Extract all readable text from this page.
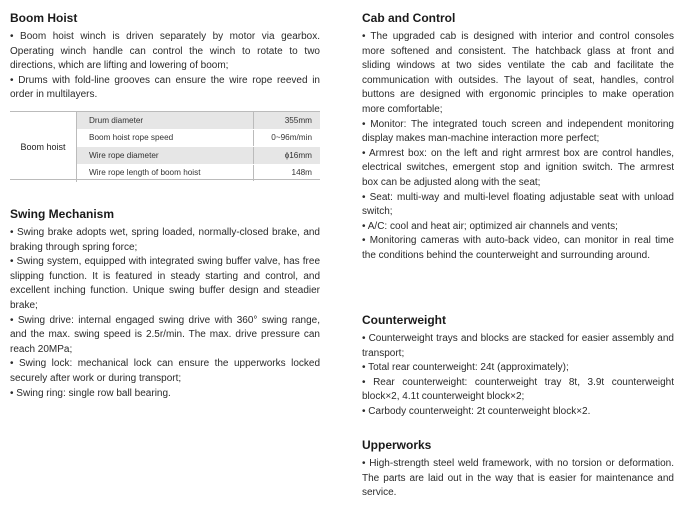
Boom Hoist
• Boom hoist winch is driven separately by motor via gearbox. Operating winch handle can control the winch to rotate to two directions, which are lifting and lowering of boom;
• Drums with fold-line grooves can ensure the wire rope reeved in order in multilayers.
Boom hoist	Drum diameter	355mm
	Boom hoist rope speed	0~96m/min
	Wire rope diameter	ɸ16mm
	Wire rope length of boom hoist	148m
Swing Mechanism
• Swing brake adopts wet, spring loaded, normally-closed brake, and braking through spring force;
• Swing system, equipped with integrated swing buffer valve, has free slipping function. It is featured in steady starting and control, and excellent inching function. Unique swing buffer design and steadier brake;
• Swing drive: internal engaged swing drive with 360° swing range, and the max. swing speed is 2.5r/min. The max. drive pressure can reach 20MPa;
• Swing lock: mechanical lock can ensure the upperworks locked securely after work or during transport;
• Swing ring: single row ball bearing.
Cab and Control
• The upgraded cab is designed with interior and control consoles more softened and consistent. The hatchback glass at front and sliding windows at two sides ventilate the cab and facilitate the communication with outsides. The layout of seat, handles, control buttons are designed with ergonomic principles to make operation more comfortable;
• Monitor: The integrated touch screen and independent monitoring display makes man-machine interaction more perfect;
• Armrest box: on the left and right armrest box are control handles, electrical switches, emergent stop and ignition switch. The armrest box can be adjusted along with the seat;
• Seat: multi-way and multi-level floating adjustable seat with unload switch;
• A/C: cool and heat air; optimized air channels and vents;
• Monitoring cameras with auto-back video, can monitor in real time the conditions behind the counterweight and surrounding around.
Counterweight
• Counterweight trays and blocks are stacked for easier assembly and transport;
• Total rear counterweight: 24t (approximately);
• Rear counterweight: counterweight tray 8t, 3.9t counterweight block×2, 4.1t counterweight block×2;
• Carbody counterweight: 2t counterweight block×2.
Upperworks
• High-strength steel weld framework, with no torsion or deformation. The parts are laid out in the way that is easier for maintenance and service.
